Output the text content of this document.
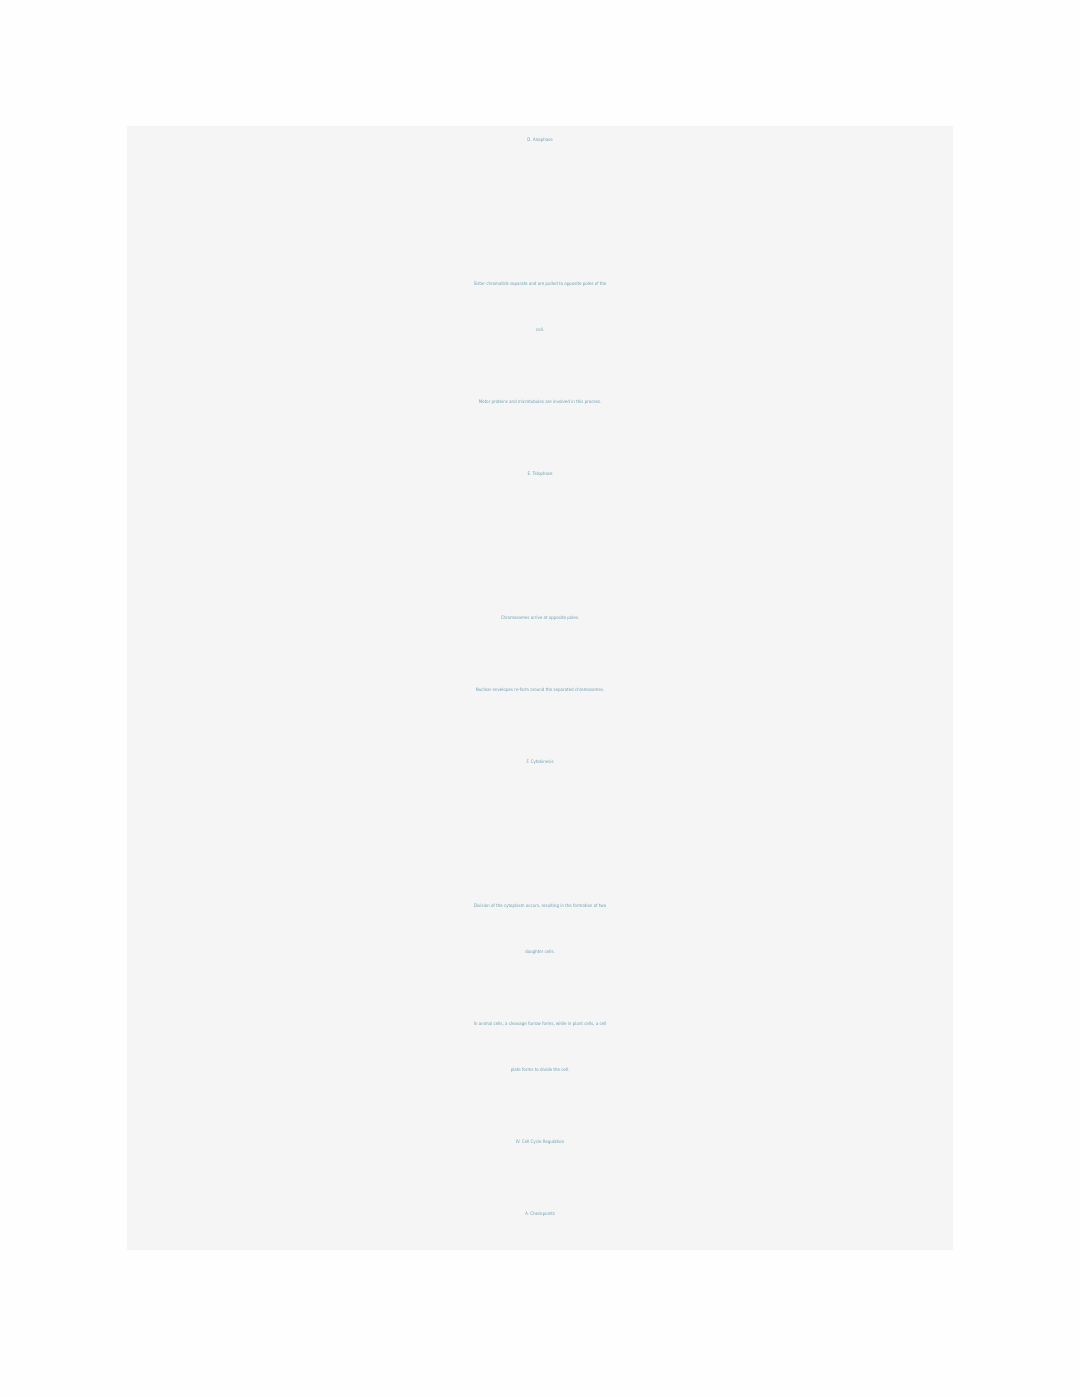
D. Anaphase
Sister chromatids separate and are pulled to opposite poles of the
cell.
Motor proteins and microtubules are involved in this process.
E. Telophase
Chromosomes arrive at opposite poles.
Nuclear envelopes re-form around the separated chromosomes.
F. Cytokinesis
Division of the cytoplasm occurs, resulting in the formation of two
daughter cells.
In animal cells, a cleavage furrow forms, while in plant cells, a cell
plate forms to divide the cell.
IV. Cell Cycle Regulation
A. Checkpoints
